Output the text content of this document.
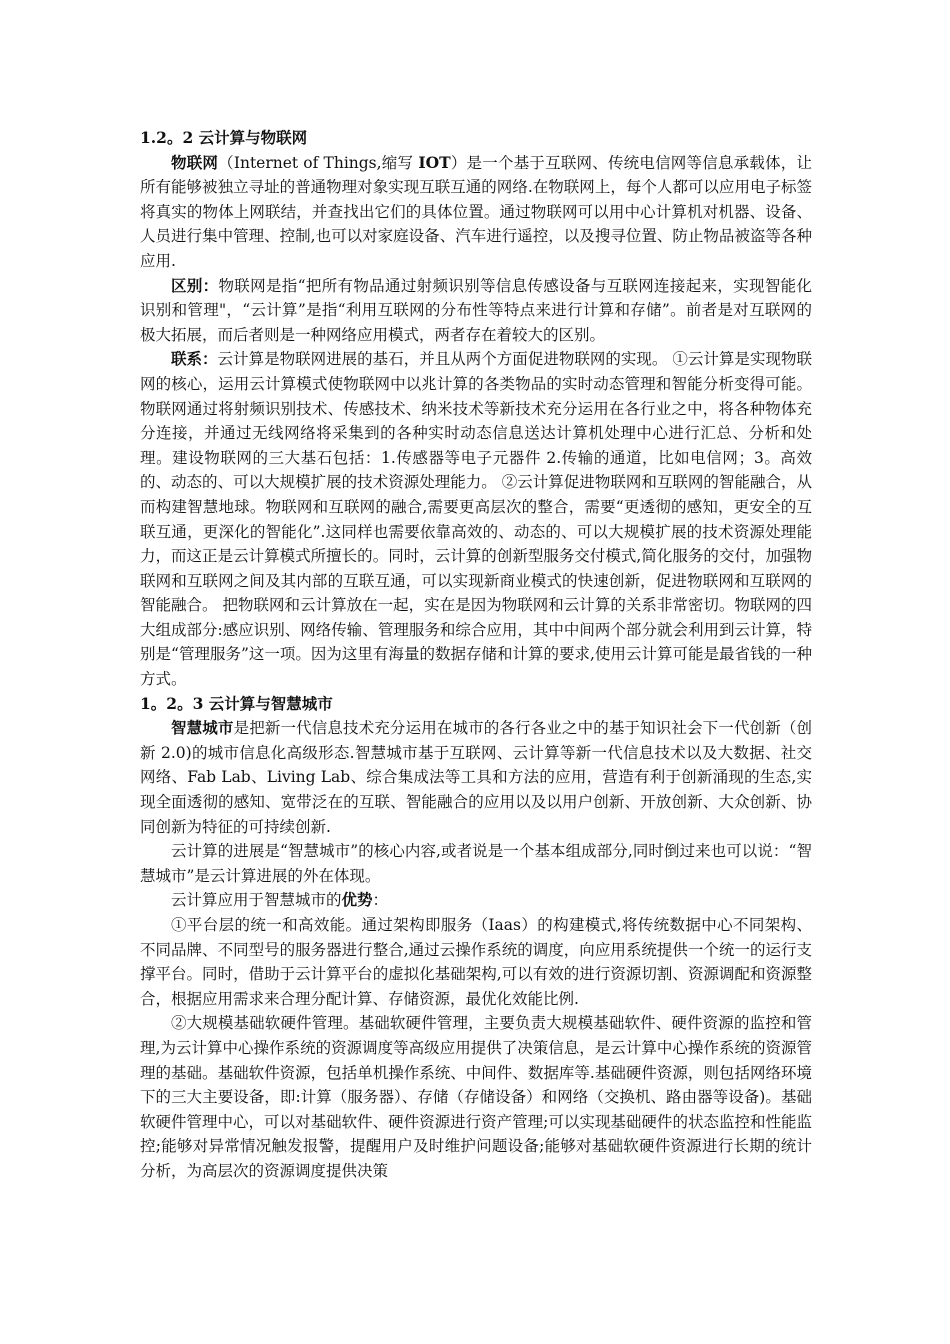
1.2。2 云计算与物联网

物联网（Internet of Things,缩写 IOT）是一个基于互联网、传统电信网等信息承载体，让所有能够被独立寻址的普通物理对象实现互联互通的网络.在物联网上，每个人都可以应用电子标签将真实的物体上网联结，并查找出它们的具体位置。通过物联网可以用中心计算机对机器、设备、人员进行集中管理、控制,也可以对家庭设备、汽车进行遥控，以及搜寻位置、防止物品被盗等各种应用.

区别：物联网是指“把所有物品通过射频识别等信息传感设备与互联网连接起来，实现智能化识别和管理"，“云计算”是指“利用互联网的分布性等特点来进行计算和存储”。前者是对互联网的极大拓展，而后者则是一种网络应用模式，两者存在着较大的区别。

联系：云计算是物联网进展的基石，并且从两个方面促进物联网的实现。 ①云计算是实现物联网的核心，运用云计算模式使物联网中以兆计算的各类物品的实时动态管理和智能分析变得可能。物联网通过将射频识别技术、传感技术、纳米技术等新技术充分运用在各行业之中，将各种物体充分连接，并通过无线网络将采集到的各种实时动态信息送达计算机处理中心进行汇总、分析和处理。建设物联网的三大基石包括：1.传感器等电子元器件 2.传输的通道，比如电信网；3。高效的、动态的、可以大规模扩展的技术资源处理能力。 ②云计算促进物联网和互联网的智能融合，从而构建智慧地球。物联网和互联网的融合,需要更高层次的整合，需要“更透彻的感知，更安全的互联互通，更深化的智能化”.这同样也需要依靠高效的、动态的、可以大规模扩展的技术资源处理能力，而这正是云计算模式所擅长的。同时，云计算的创新型服务交付模式,简化服务的交付，加强物联网和互联网之间及其内部的互联互通，可以实现新商业模式的快速创新，促进物联网和互联网的智能融合。 把物联网和云计算放在一起，实在是因为物联网和云计算的关系非常密切。物联网的四大组成部分:感应识别、网络传输、管理服务和综合应用，其中中间两个部分就会利用到云计算，特别是“管理服务”这一项。因为这里有海量的数据存储和计算的要求,使用云计算可能是最省钱的一种方式。

1。2。3 云计算与智慧城市

智慧城市是把新一代信息技术充分运用在城市的各行各业之中的基于知识社会下一代创新（创新 2.0)的城市信息化高级形态.智慧城市基于互联网、云计算等新一代信息技术以及大数据、社交网络、Fab Lab、Living Lab、综合集成法等工具和方法的应用，营造有利于创新涌现的生态,实现全面透彻的感知、宽带泛在的互联、智能融合的应用以及以用户创新、开放创新、大众创新、协同创新为特征的可持续创新.

云计算的进展是“智慧城市”的核心内容,或者说是一个基本组成部分,同时倒过来也可以说：“智慧城市”是云计算进展的外在体现。

云计算应用于智慧城市的优势：

①平台层的统一和高效能。通过架构即服务（Iaas）的构建模式,将传统数据中心不同架构、不同品牌、不同型号的服务器进行整合,通过云操作系统的调度，向应用系统提供一个统一的运行支撑平台。同时，借助于云计算平台的虚拟化基础架构,可以有效的进行资源切割、资源调配和资源整合，根据应用需求来合理分配计算、存储资源，最优化效能比例.

②大规模基础软硬件管理。基础软硬件管理，主要负责大规模基础软件、硬件资源的监控和管理,为云计算中心操作系统的资源调度等高级应用提供了决策信息，是云计算中心操作系统的资源管理的基础。基础软件资源，包括单机操作系统、中间件、数据库等.基础硬件资源，则包括网络环境下的三大主要设备，即:计算（服务器）、存储（存储设备）和网络（交换机、路由器等设备)。基础软硬件管理中心，可以对基础软件、硬件资源进行资产管理;可以实现基础硬件的状态监控和性能监控;能够对异常情况触发报警，提醒用户及时维护问题设备;能够对基础软硬件资源进行长期的统计分析，为高层次的资源调度提供决策
